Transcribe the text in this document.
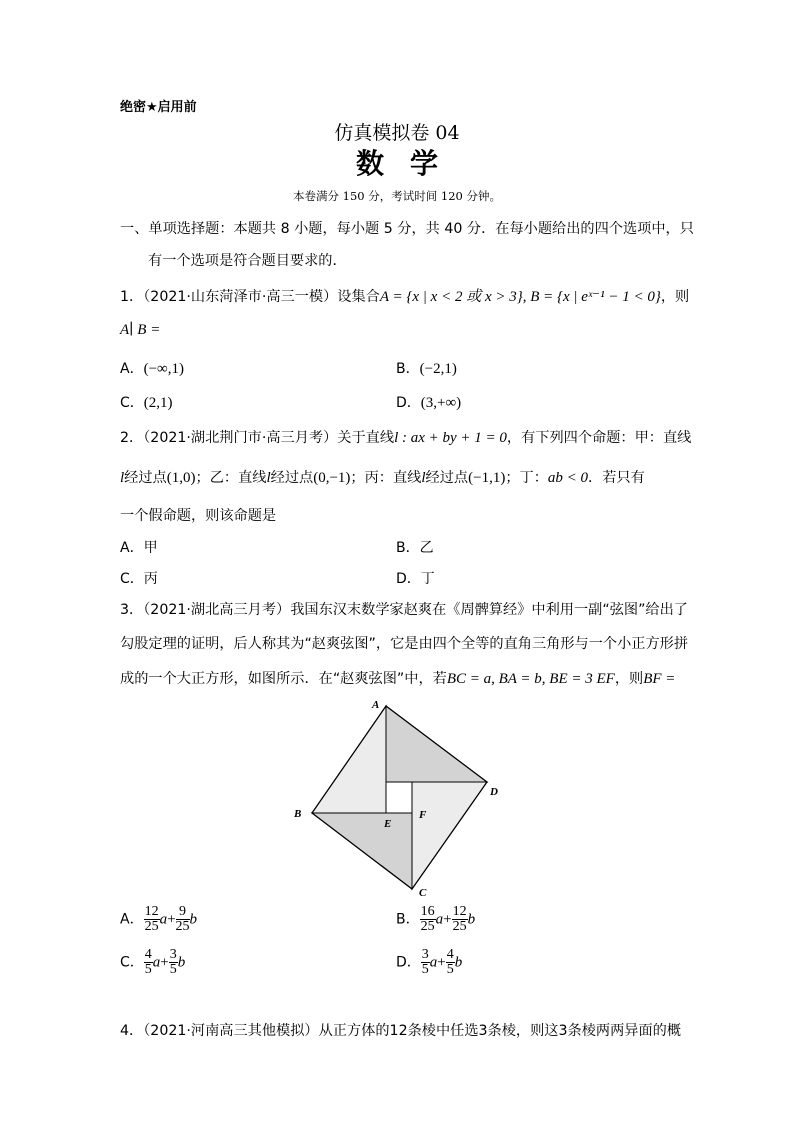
绝密★启用前
仿真模拟卷 04
数学
本卷满分 150 分，考试时间 120 分钟。
一、单项选择题：本题共 8 小题，每小题 5 分，共 40 分．在每小题给出的四个选项中，只
有一个选项是符合题目要求的．
1．（2021·山东菏泽市·高三一模）设集合A = {x | x < 2 或 x > 3}, B = {x | eˣ⁻¹ − 1 < 0}，则
A∣ B =
A．(−∞,1)	B．(−2,1)
C．(2,1)	D．(3,+∞)
2．（2021·湖北荆门市·高三月考）关于直线l : ax + by + 1 = 0，有下列四个命题：甲：直线
l经过点(1,0)；乙：直线l经过点(0,−1)；丙：直线l经过点(−1,1)；丁：ab < 0．若只有
一个假命题，则该命题是
A．甲	B．乙
C．丙	D．丁
3．（2021·湖北高三月考）我国东汉末数学家赵爽在《周髀算经》中利用一副“弦图”给出了
勾股定理的证明，后人称其为“赵爽弦图”，它是由四个全等的直角三角形与一个小正方形拼
成的一个大正方形，如图所示．在“赵爽弦图”中，若BC = a, BA = b, BE = 3 EF，则BF =
A
B
C
D
E
F
A． $\frac{12}{25} a+ \frac{9}{25}$ b	B． $\frac{16}{25} a+ \frac{12}{25}$ b
C． $\frac{4}{5} a+ \frac{3}{5}$ b	D． $\frac{3}{5} a+ \frac{4}{5}$ b
4．（2021·河南高三其他模拟）从正方体的12条棱中任选3条棱，则这3条棱两两异面的概
